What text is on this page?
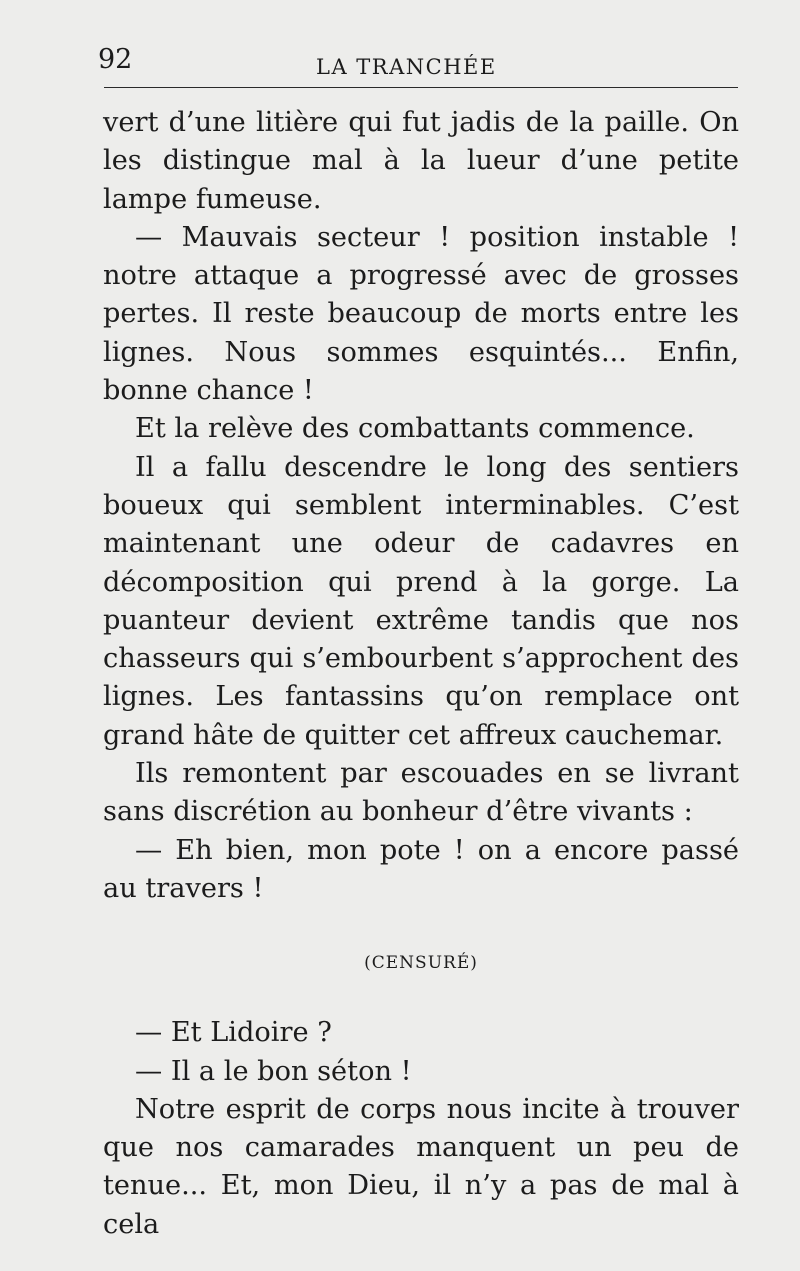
92	LA TRANCHÉE

vert d’une litière qui fut jadis de la paille. On les distingue mal à la lueur d’une petite lampe fumeuse.

— Mauvais secteur ! position instable ! notre attaque a progressé avec de grosses pertes. Il reste beaucoup de morts entre les lignes. Nous sommes esquintés... Enfin, bonne chance !

Et la relève des combattants commence.

Il a fallu descendre le long des sentiers boueux qui semblent interminables. C’est maintenant une odeur de cadavres en décomposition qui prend à la gorge. La puanteur devient extrême tandis que nos chasseurs qui s’embourbent s’approchent des lignes. Les fantassins qu’on remplace ont grand hâte de quitter cet affreux cauchemar.

Ils remontent par escouades en se livrant sans discrétion au bonheur d’être vivants :

— Eh bien, mon pote ! on a encore passé au travers !

(CENSURÉ)

— Et Lidoire ?

— Il a le bon séton !

Notre esprit de corps nous incite à trouver que nos camarades manquent un peu de tenue... Et, mon Dieu, il n’y a pas de mal à cela
